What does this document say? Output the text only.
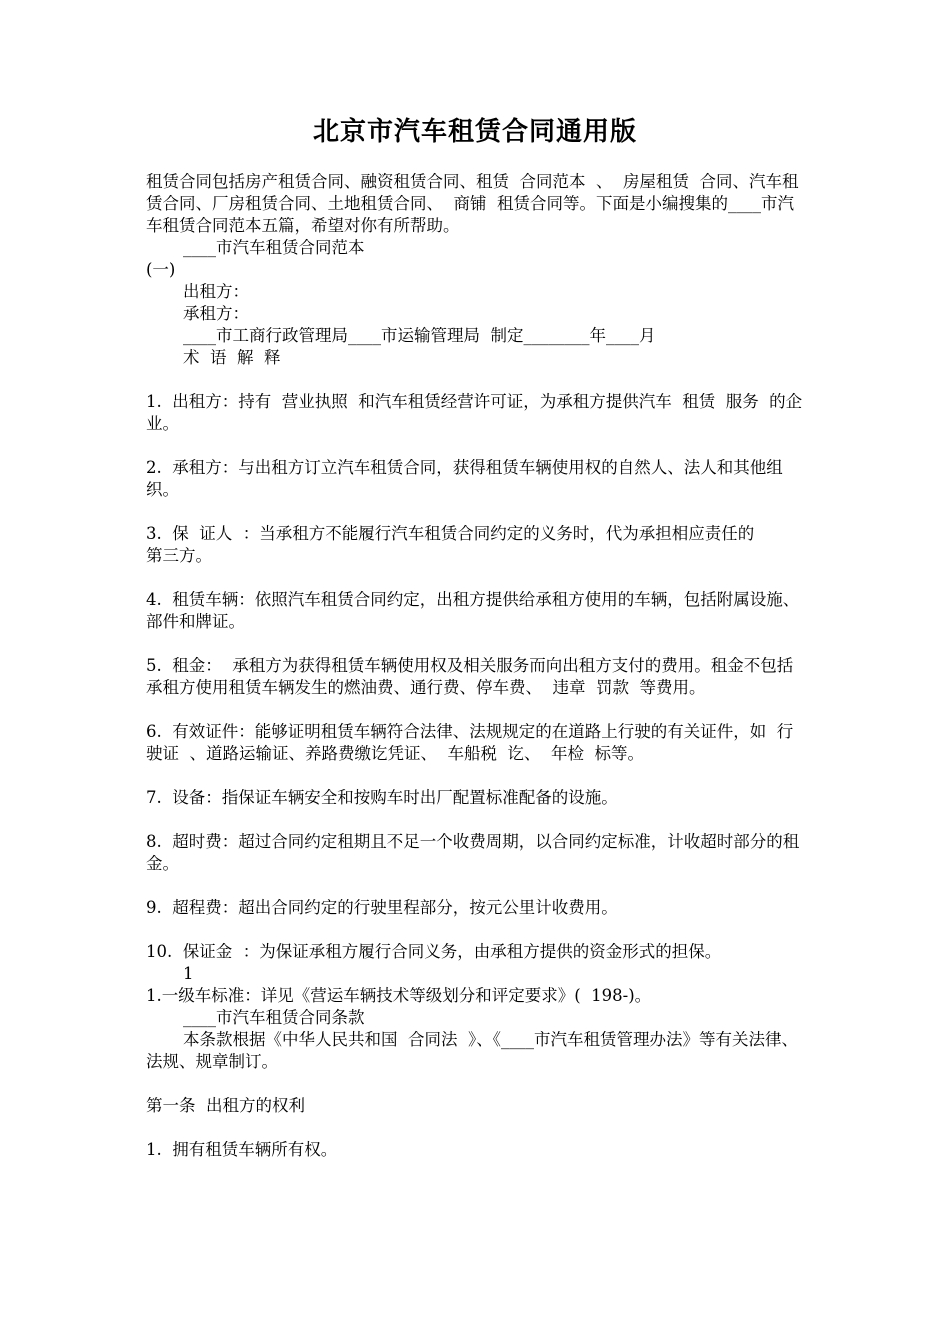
北京市汽车租赁合同通用版

租赁合同包括房产租赁合同、融资租赁合同、租赁  合同范本  、  房屋租赁  合同、汽车租赁合同、厂房租赁合同、土地租赁合同、  商铺  租赁合同等。下面是小编搜集的____市汽车租赁合同范本五篇，希望对你有所帮助。

____市汽车租赁合同范本

(一)

出租方：

承租方：

____市工商行政管理局____市运输管理局  制定________年____月

术  语  解  释

1.  出租方：持有  营业执照  和汽车租赁经营许可证，为承租方提供汽车  租赁  服务  的企业。

2.  承租方：与出租方订立汽车租赁合同，获得租赁车辆使用权的自然人、法人和其他组织。

3.  保  证人  ：当承租方不能履行汽车租赁合同约定的义务时，代为承担相应责任的
第三方。

4.  租赁车辆：依照汽车租赁合同约定，出租方提供给承租方使用的车辆，包括附属设施、部件和牌证。

5.  租金：  承租方为获得租赁车辆使用权及相关服务而向出租方支付的费用。租金不包括承租方使用租赁车辆发生的燃油费、通行费、停车费、  违章  罚款  等费用。

6.  有效证件：能够证明租赁车辆符合法律、法规规定的在道路上行驶的有关证件，如  行驶证  、道路运输证、养路费缴讫凭证、  车船税  讫、  年检  标等。

7.  设备：指保证车辆安全和按购车时出厂配置标准配备的设施。

8.  超时费：超过合同约定租期且不足一个收费周期，以合同约定标准，计收超时部分的租金。

9.  超程费：超出合同约定的行驶里程部分，按元公里计收费用。

10.  保证金  ：为保证承租方履行合同义务，由承租方提供的资金形式的担保。

1

1.一级车标准：详见《营运车辆技术等级划分和评定要求》(  198-)。

____市汽车租赁合同条款

本条款根据《中华人民共和国  合同法  》、《____市汽车租赁管理办法》等有关法律、法规、规章制订。

第一条  出租方的权利

1.  拥有租赁车辆所有权。
